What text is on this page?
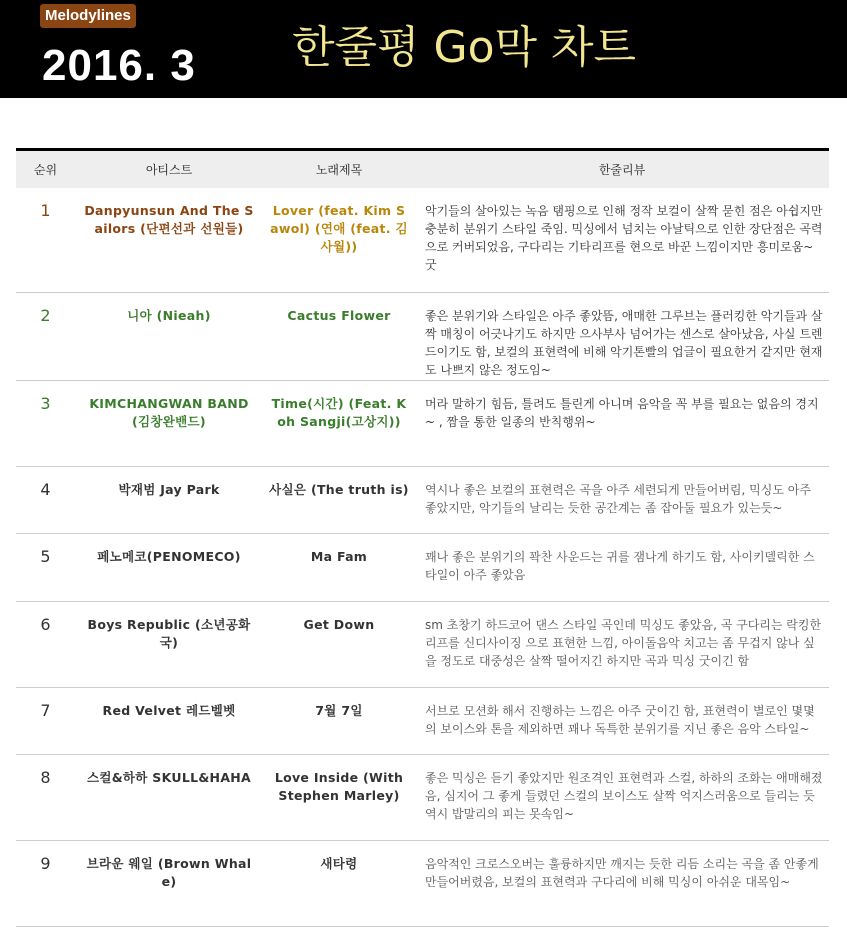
Melodylines
2016. 3 한줄평 Go막 차트
순위	아티스트	노래제목	한줄리뷰
1	Danpyunsun And The Sailors (단편선과 선원들)	Lover (feat. Kim Sawol) (연애 (feat. 김사월))	악기들의 살아있는 녹음 탬핑으로 인해 정작 보컬이 살짝 묻힌 점은 아쉽지만 충분히 분위기 스타일 죽임. 믹싱에서 넘치는 아날틱으로 인한 장단점은 곡력으로 커버되었음, 구다리는 기타리프를 현으로 바꾼 느낌이지만 흥미로움~ 굿
2	니아 (Nieah)	Cactus Flower	좋은 분위기와 스타일은 아주 좋았뜸, 애매한 그루브는 플러킹한 악기들과 살짝 매칭이 어긋나기도 하지만 으사부사 넘어가는 센스로 살아났음, 사실 트렌드이기도 함, 보컬의 표현력에 비해 악기톤빨의 업글이 필요한거 같지만 현재도 나쁘지 않은 정도임~
3	KIMCHANGWAN BAND(김창완밴드)	Time(시간) (Feat. Koh Sangji(고상지))	머라 말하기 힘듬, 틀려도 틀린게 아니며 음악을 꼭 부를 필요는 없음의 경지~ , 짬을 통한 일종의 반칙행위~
4	박재범 Jay Park	사실은 (The truth is)	역시나 좋은 보컬의 표현력은 곡을 아주 세련되게 만들어버림, 믹싱도 아주 좋았지만, 악기들의 날리는 듯한 공간계는 좀 잡아둘 필요가 있는듯~
5	페노메코(PENOMECO)	Ma Fam	꽤나 좋은 분위기의 꽉찬 사운드는 귀를 잼나게 하기도 함, 사이키델릭한 스타일이 아주 좋았음
6	Boys Republic (소년공화국)	Get Down	sm 초창기 하드코어 댄스 스타일 곡인데 믹싱도 좋았음, 곡 구다리는 락킹한 리프를 신디사이징 으로 표현한 느낌, 아이돌음악 치고는 좀 무겁지 않나 싶을 정도로 대중성은 살짝 떨어지긴 하지만 곡과 믹싱 굿이긴 함
7	Red Velvet 레드벨벳	7월 7일	서브로 모션화 해서 진행하는 느낌은 아주 굿이긴 함, 표현력이 별로인 몇몇의 보이스와 톤을 제외하면 꽤나 독특한 분위기를 지닌 좋은 음악 스타일~
8	스컬&하하 SKULL&HAHA	Love Inside (With Stephen Marley)	좋은 믹싱은 듣기 좋았지만 원조격인 표현력과 스컬, 하하의 조화는 애매해졌음, 심지어 그 좋게 들렸던 스컬의 보이스도 살짝 억지스러움으로 들리는 듯 역시 밥말리의 피는 못속임~
9	브라운 웨일 (Brown Whale)	새타령	음악적인 크로스오버는 훌륭하지만 깨지는 듯한 리듬 소리는 곡을 좀 안좋게 만들어버렸음, 보컬의 표현력과 구다리에 비해 믹싱이 아쉬운 대목임~
